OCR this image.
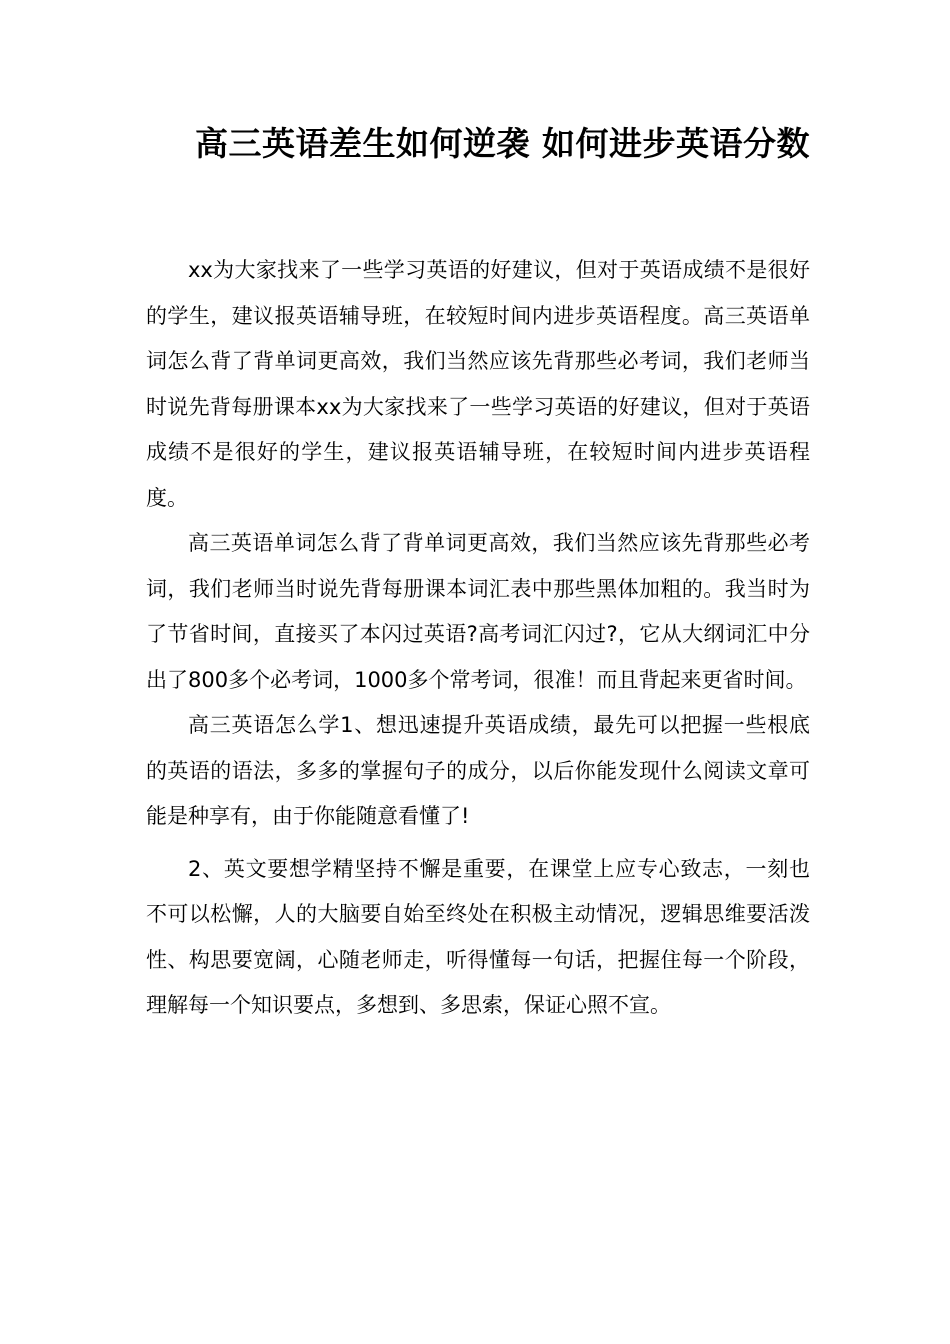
高三英语差生如何逆袭 如何进步英语分数

xx为大家找来了一些学习英语的好建议，但对于英语成绩不是很好的学生，建议报英语辅导班，在较短时间内进步英语程度。高三英语单词怎么背了背单词更高效，我们当然应该先背那些必考词，我们老师当时说先背每册课本xx为大家找来了一些学习英语的好建议，但对于英语成绩不是很好的学生，建议报英语辅导班，在较短时间内进步英语程度。

高三英语单词怎么背了背单词更高效，我们当然应该先背那些必考词，我们老师当时说先背每册课本词汇表中那些黑体加粗的。我当时为了节省时间，直接买了本闪过英语?高考词汇闪过?，它从大纲词汇中分出了800多个必考词，1000多个常考词，很准！而且背起来更省时间。

高三英语怎么学1、想迅速提升英语成绩，最先可以把握一些根底的英语的语法，多多的掌握句子的成分，以后你能发现什么阅读文章可能是种享有，由于你能随意看懂了!

2、英文要想学精坚持不懈是重要，在课堂上应专心致志，一刻也不可以松懈，人的大脑要自始至终处在积极主动情况，逻辑思维要活泼性、构思要宽阔，心随老师走，听得懂每一句话，把握住每一个阶段，理解每一个知识要点，多想到、多思索，保证心照不宣。
